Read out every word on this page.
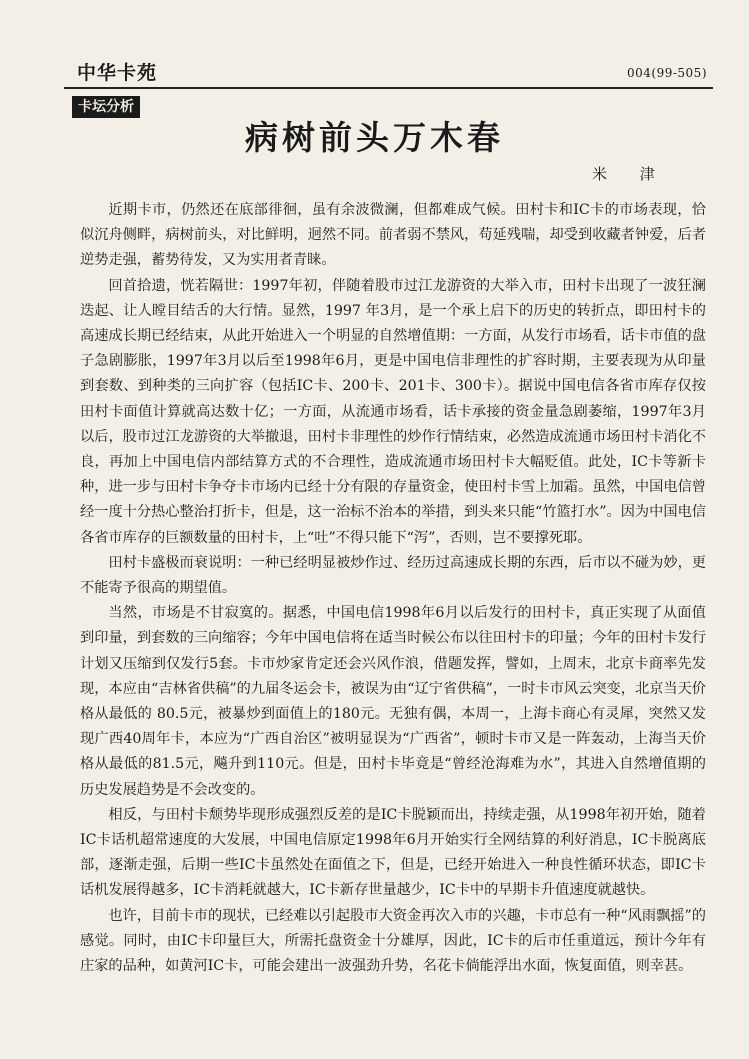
中华卡苑	004(99-505)
卡坛分析
病树前头万木春
米 津

近期卡市，仍然还在底部徘徊，虽有余波微澜，但都难成气候。田村卡和IC卡的市场表现，恰似沉舟侧畔，病树前头，对比鲜明，迥然不同。前者弱不禁风，苟延残喘，却受到收藏者钟爱，后者逆势走强，蓄势待发，又为实用者青睐。

回首拾遗，恍若隔世：1997年初，伴随着股市过江龙游资的大举入市，田村卡出现了一波狂澜迭起、让人瞠目结舌的大行情。显然，1997 年3月，是一个承上启下的历史的转折点，即田村卡的高速成长期已经结束，从此开始进入一个明显的自然增值期：一方面，从发行市场看，话卡市值的盘子急剧膨胀，1997年3月以后至1998年6月，更是中国电信非理性的扩容时期，主要表现为从印量到套数、到种类的三向扩容（包括IC卡、200卡、201卡、300卡）。据说中国电信各省市库存仅按田村卡面值计算就高达数十亿；一方面，从流通市场看，话卡承接的资金量急剧萎缩，1997年3月以后，股市过江龙游资的大举撤退，田村卡非理性的炒作行情结束，必然造成流通市场田村卡消化不良，再加上中国电信内部结算方式的不合理性，造成流通市场田村卡大幅贬值。此处，IC卡等新卡种，进一步与田村卡争夺卡市场内已经十分有限的存量资金，使田村卡雪上加霜。虽然，中国电信曾经一度十分热心整治打折卡，但是，这一治标不治本的举措，到头来只能“竹篮打水”。因为中国电信各省市库存的巨额数量的田村卡，上“吐”不得只能下“泻”，否则，岂不要撑死耶。

田村卡盛极而衰说明：一种已经明显被炒作过、经历过高速成长期的东西，后市以不碰为妙，更不能寄予很高的期望值。

当然，市场是不甘寂寞的。据悉，中国电信1998年6月以后发行的田村卡，真正实现了从面值到印量，到套数的三向缩容；今年中国电信将在适当时候公布以往田村卡的印量；今年的田村卡发行计划又压缩到仅发行5套。卡市炒家肯定还会兴风作浪，借题发挥，譬如，上周末，北京卡商率先发现，本应由“吉林省供稿”的九届冬运会卡，被误为由“辽宁省供稿”，一时卡市风云突变，北京当天价格从最低的 80.5元，被暴炒到面值上的180元。无独有偶，本周一，上海卡商心有灵犀，突然又发现广西40周年卡，本应为“广西自治区”被明显误为“广西省”，顿时卡市又是一阵轰动，上海当天价格从最低的81.5元，飚升到110元。但是，田村卡毕竟是“曾经沧海难为水”，其进入自然增值期的历史发展趋势是不会改变的。

相反，与田村卡颓势毕现形成强烈反差的是IC卡脱颖而出，持续走强，从1998年初开始，随着IC卡话机超常速度的大发展，中国电信原定1998年6月开始实行全网结算的利好消息，IC卡脱离底部，逐渐走强，后期一些IC卡虽然处在面值之下，但是，已经开始进入一种良性循环状态，即IC卡话机发展得越多，IC卡消耗就越大，IC卡新存世量越少，IC卡中的早期卡升值速度就越快。

也许，目前卡市的现状，已经难以引起股市大资金再次入市的兴趣，卡市总有一种“风雨飘摇”的感觉。同时，由IC卡印量巨大，所需托盘资金十分雄厚，因此，IC卡的后市任重道远，预计今年有庄家的品种，如黄河IC卡，可能会建出一波强劲升势，名花卡倘能浮出水面，恢复面值，则幸甚。
